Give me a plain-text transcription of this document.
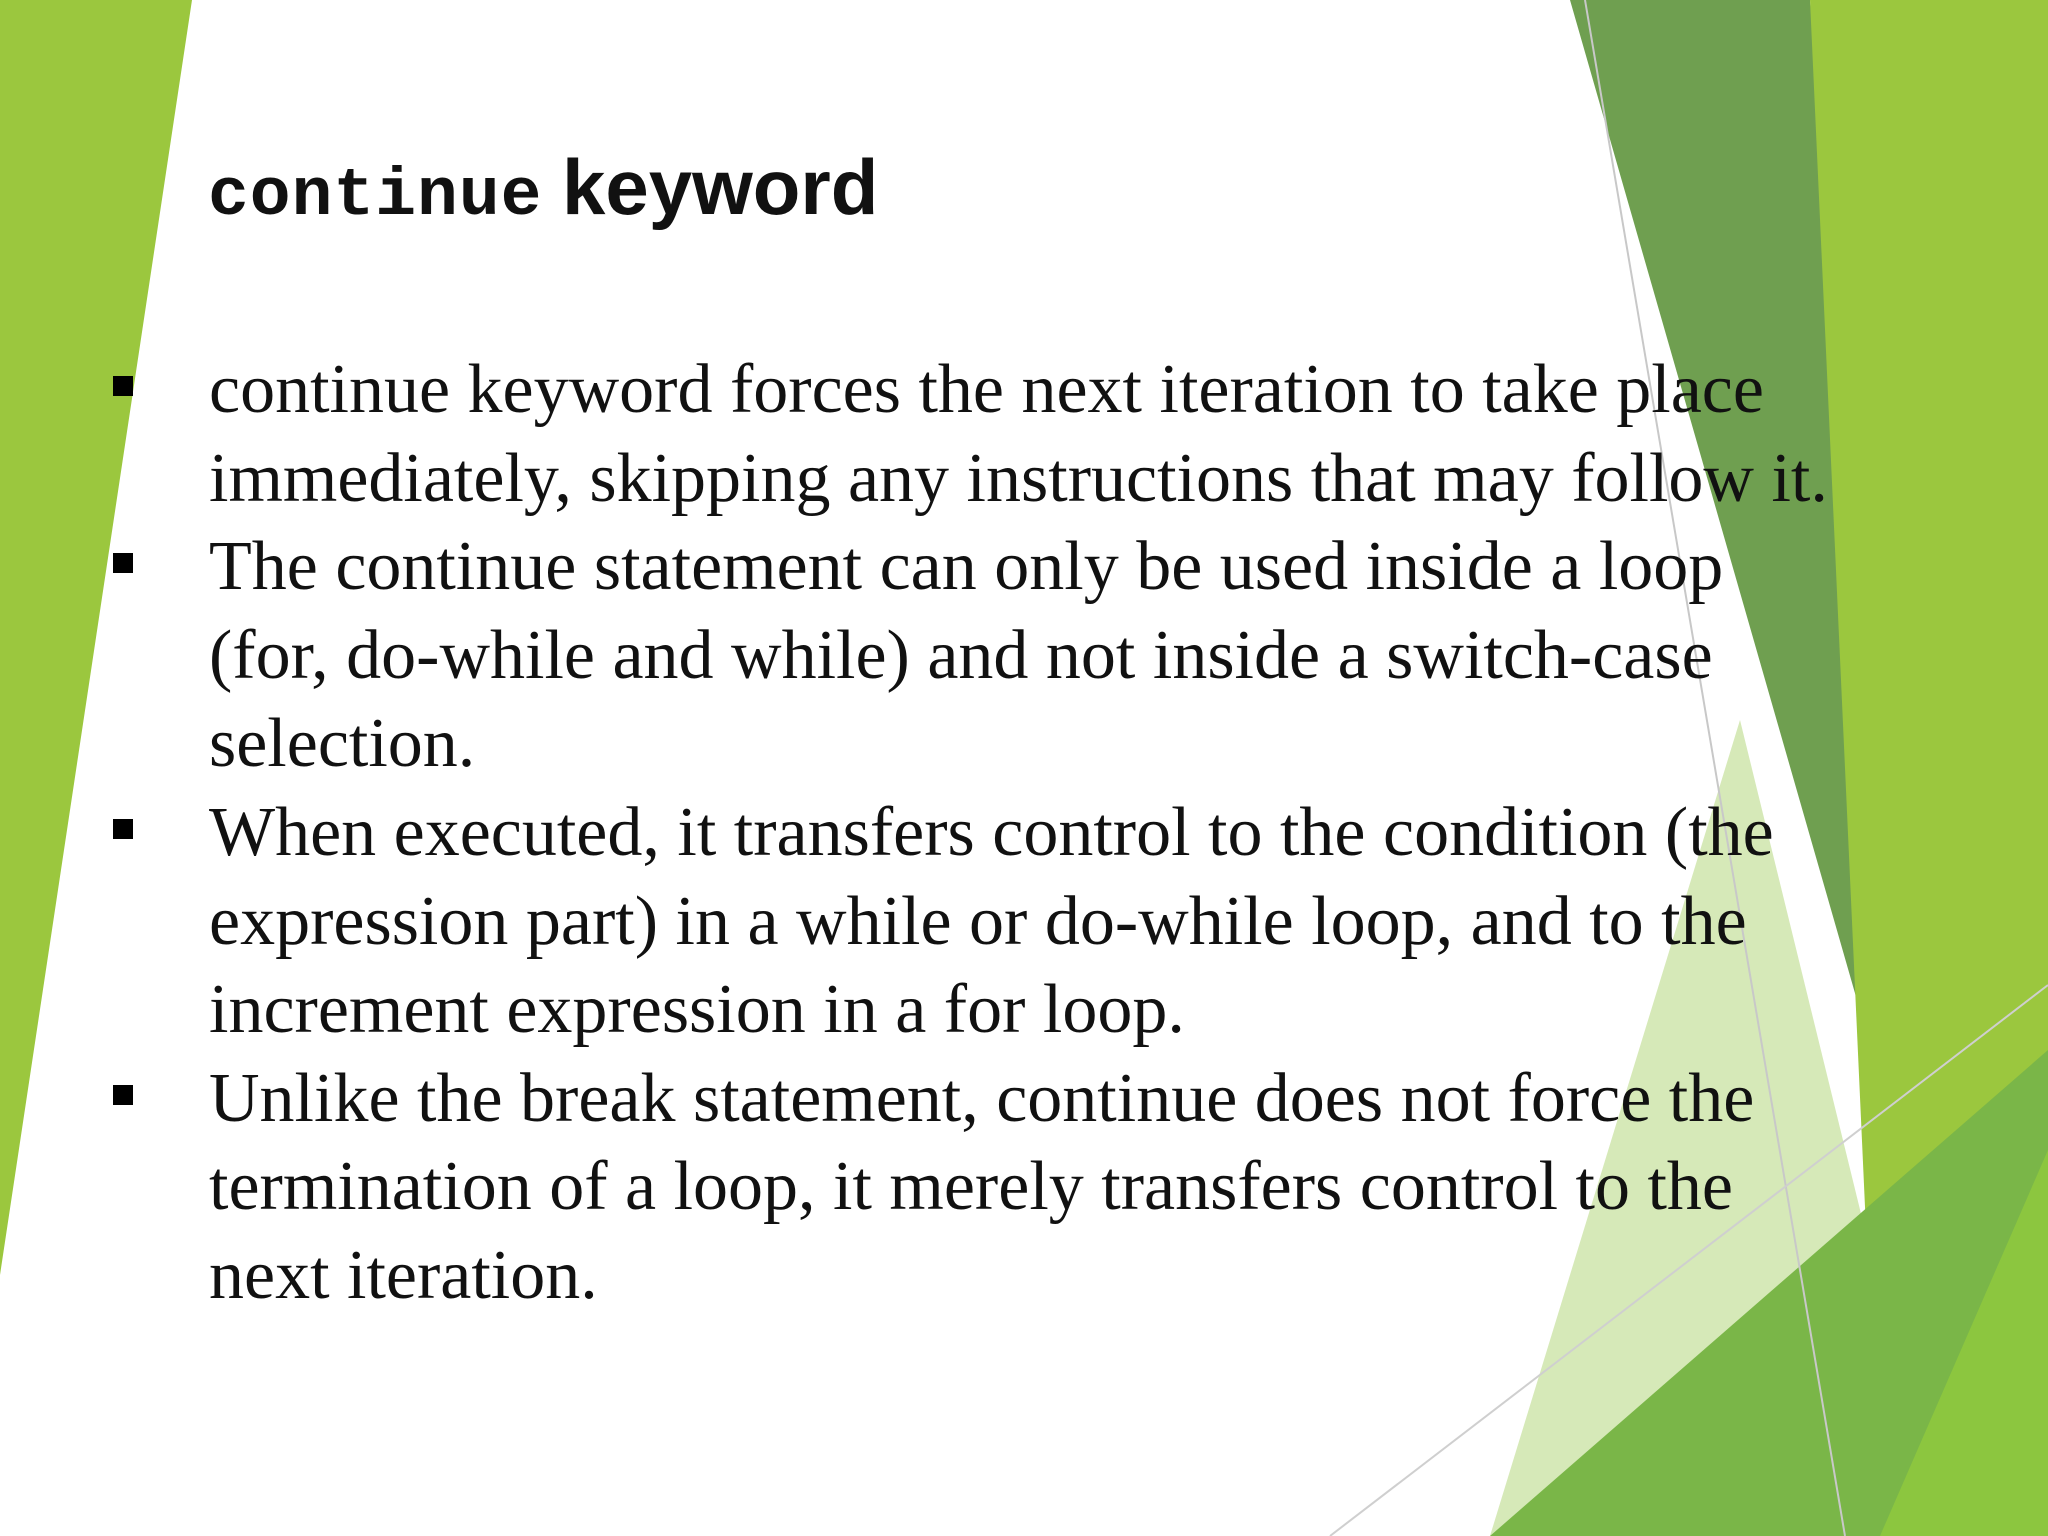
continue keyword
continue keyword forces the next iteration to take place
immediately, skipping any instructions that may follow it.
The continue statement can only be used inside a loop
(for, do-while and while) and not inside a switch-case
selection.
When executed, it transfers control to the condition (the
expression part) in a while or do-while loop, and to the
increment expression in a for loop.
Unlike the break statement, continue does not force the
termination of a loop, it merely transfers control to the
next iteration.
